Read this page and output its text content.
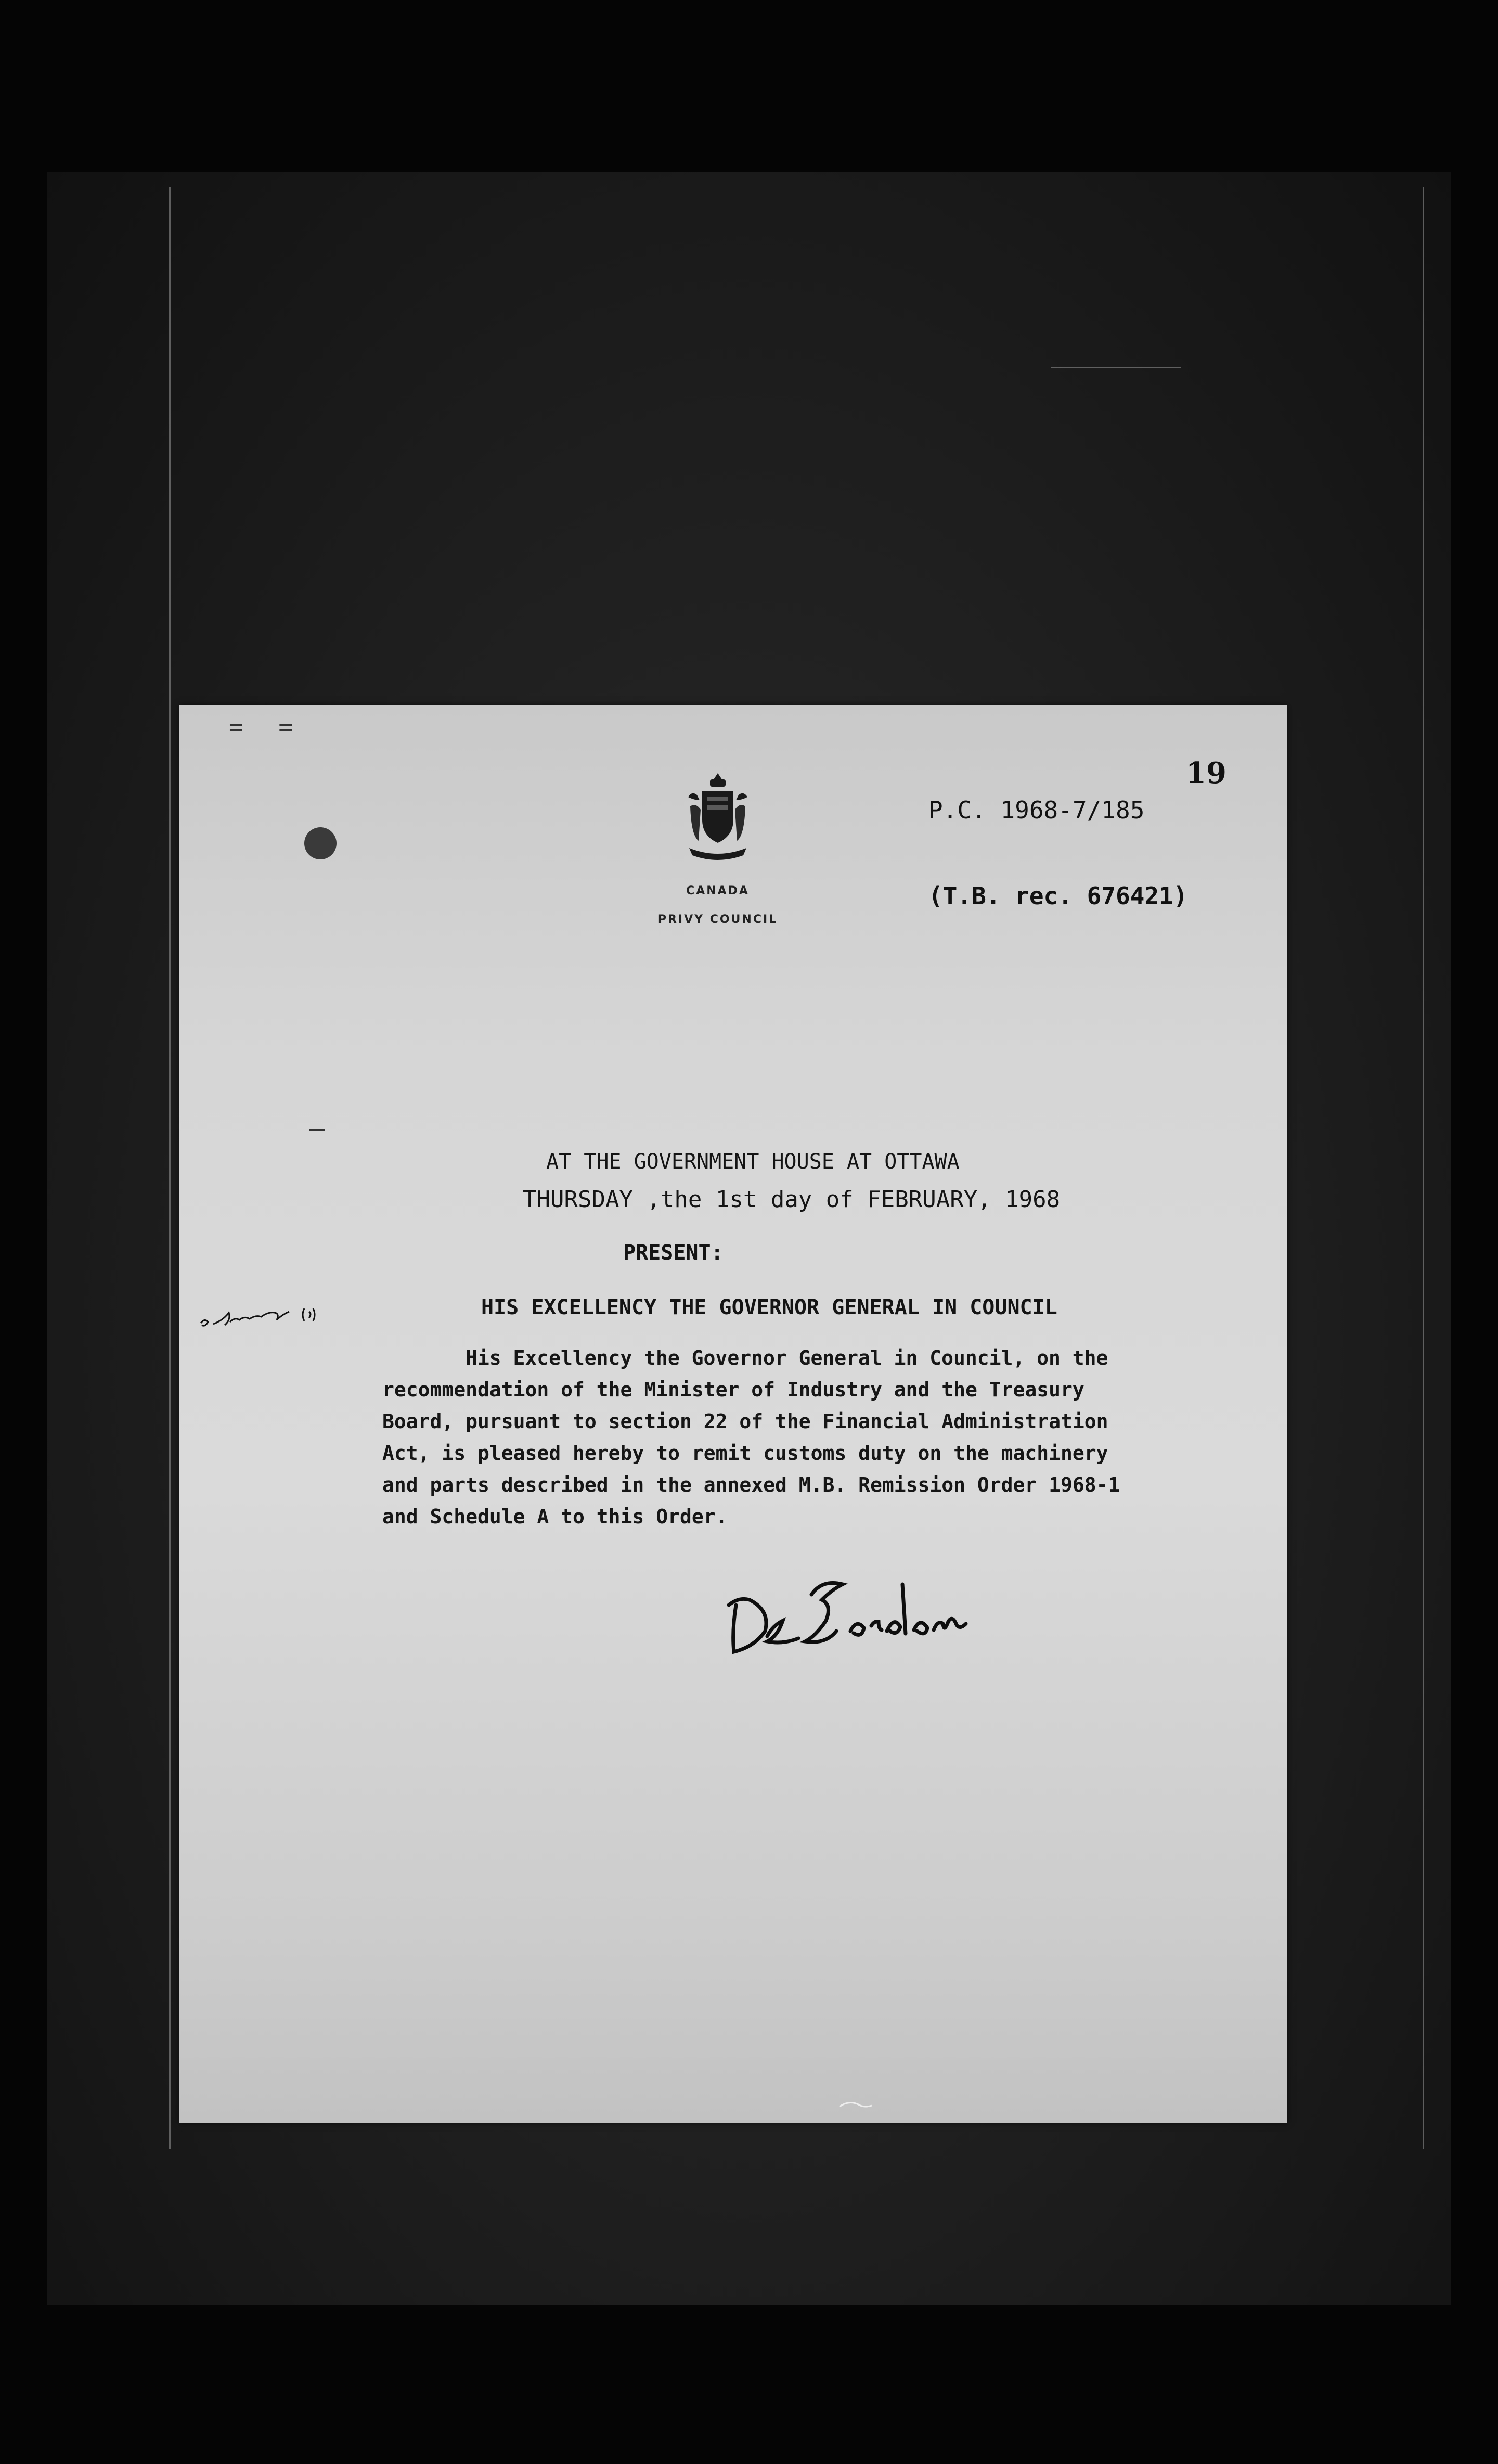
= =
CANADA
PRIVY COUNCIL
19
P.C. 1968-7/185
(T.B. rec. 676421)
AT THE GOVERNMENT HOUSE AT OTTAWA
THURSDAY ,the 1st day of FEBRUARY, 1968
PRESENT:
HIS EXCELLENCY THE GOVERNOR GENERAL IN COUNCIL
His Excellency the Governor General in Council, on the
recommendation of the Minister of Industry and the Treasury
Board, pursuant to section 22 of the Financial Administration
Act, is pleased hereby to remit customs duty on the machinery
and parts described in the annexed M.B. Remission Order 1968-1
and Schedule A to this Order.
